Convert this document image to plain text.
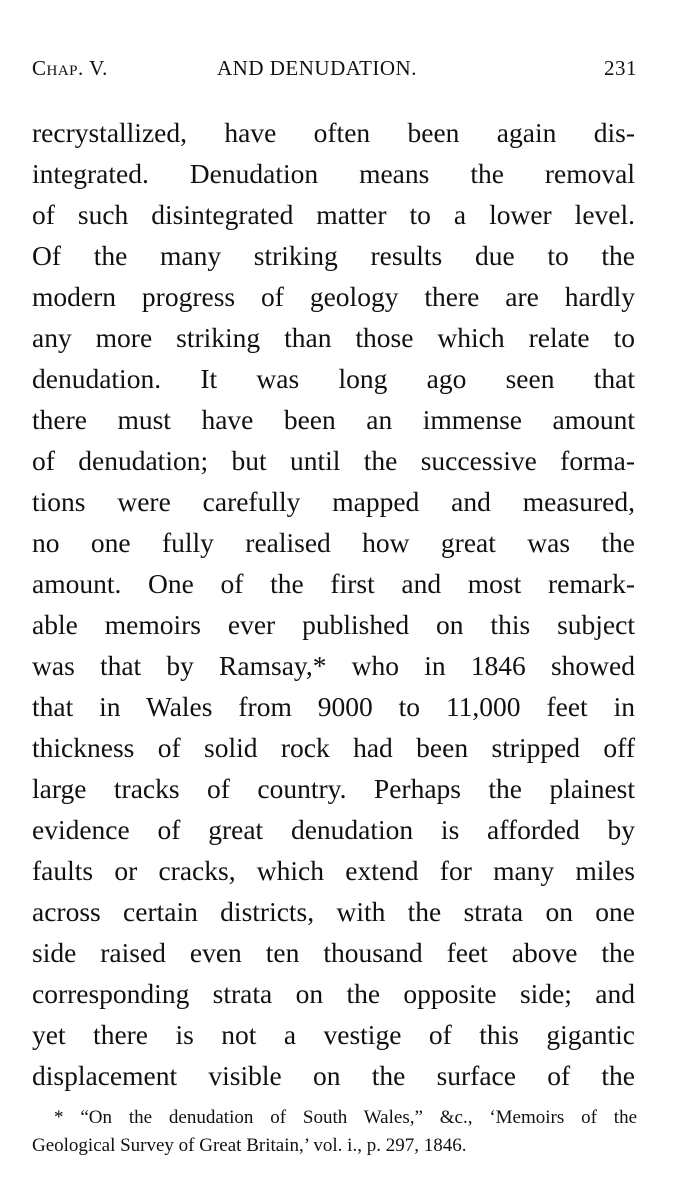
Chap. V.	AND DENUDATION.	231
recrystallized, have often been again dis-
integrated. Denudation means the removal
of such disintegrated matter to a lower level.
Of the many striking results due to the
modern progress of geology there are hardly
any more striking than those which relate to
denudation. It was long ago seen that
there must have been an immense amount
of denudation; but until the successive forma-
tions were carefully mapped and measured,
no one fully realised how great was the
amount. One of the first and most remark-
able memoirs ever published on this subject
was that by Ramsay,* who in 1846 showed
that in Wales from 9000 to 11,000 feet in
thickness of solid rock had been stripped off
large tracks of country. Perhaps the plainest
evidence of great denudation is afforded by
faults or cracks, which extend for many miles
across certain districts, with the strata on one
side raised even ten thousand feet above the
corresponding strata on the opposite side; and
yet there is not a vestige of this gigantic
displacement visible on the surface of the
* “On the denudation of South Wales,” &c., ‘Memoirs of the
Geological Survey of Great Britain,’ vol. i., p. 297, 1846.
